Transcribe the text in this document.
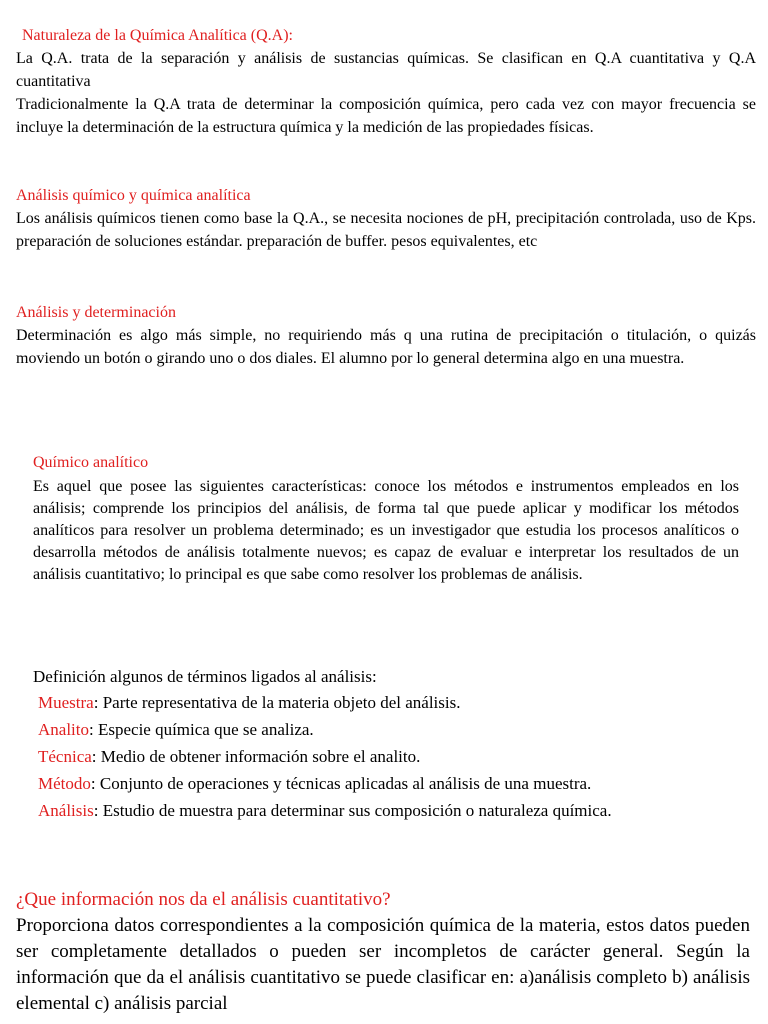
Naturaleza de la Química Analítica (Q.A):
La Q.A. trata de la separación y análisis de sustancias químicas. Se clasifican en Q.A cuantitativa y Q.A cuantitativa
Tradicionalmente la Q.A trata de determinar la composición química, pero cada vez con mayor frecuencia se incluye la determinación de la estructura química y la medición de las propiedades físicas.
Análisis químico y química analítica
Los análisis químicos tienen como base la Q.A., se necesita nociones de pH, precipitación controlada, uso de Kps. preparación de soluciones estándar. preparación de buffer. pesos equivalentes, etc
Análisis y determinación
Determinación es algo más simple, no requiriendo más q una rutina de precipitación o titulación, o quizás moviendo un botón o girando uno o dos diales. El alumno por lo general determina algo en una muestra.
Químico analítico
Es aquel que posee las siguientes características: conoce los métodos e instrumentos empleados en los análisis; comprende los principios del análisis, de forma tal que puede aplicar y modificar los métodos analíticos para resolver un problema determinado; es un investigador que estudia los procesos analíticos o desarrolla métodos de análisis totalmente nuevos; es capaz de evaluar e interpretar los resultados de un análisis cuantitativo; lo principal es que sabe como resolver los problemas de análisis.
Definición algunos de términos ligados al análisis:
Muestra: Parte representativa de la materia objeto del análisis.
Analito: Especie química que se analiza.
Técnica: Medio de obtener información sobre el analito.
Método: Conjunto de operaciones y técnicas aplicadas al análisis de una muestra.
Análisis: Estudio de muestra para determinar sus composición o naturaleza química.
¿Que información nos da el análisis cuantitativo?
Proporciona datos correspondientes a la composición química de la materia, estos datos pueden ser completamente detallados o pueden ser incompletos de carácter general. Según la información que da el análisis cuantitativo se puede clasificar en: a)análisis completo b) análisis elemental c) análisis parcial
